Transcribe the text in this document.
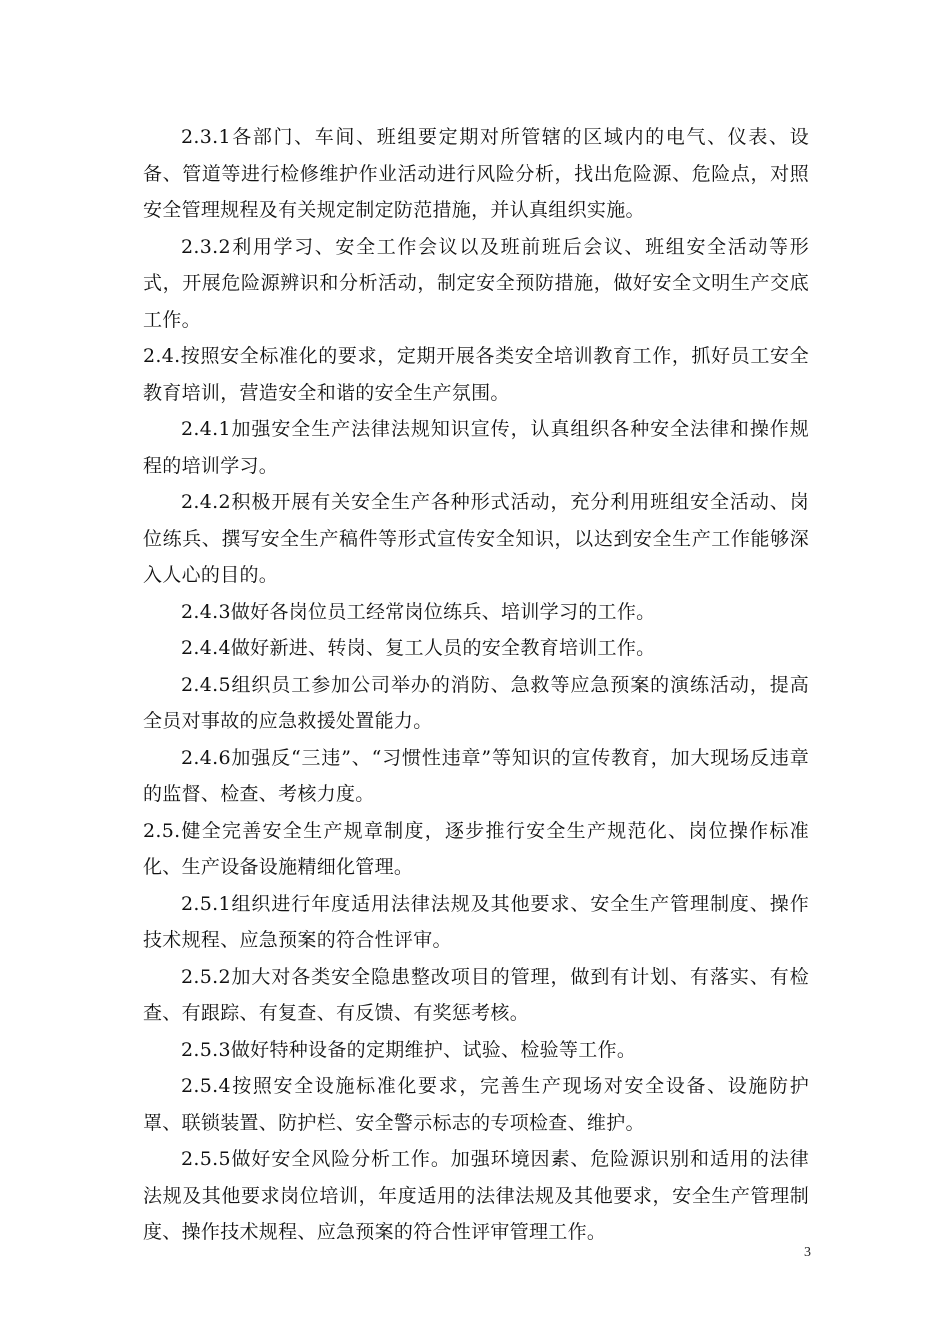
2.3.1各部门、车间、班组要定期对所管辖的区域内的电气、仪表、设备、管道等进行检修维护作业活动进行风险分析，找出危险源、危险点，对照安全管理规程及有关规定制定防范措施，并认真组织实施。

2.3.2利用学习、安全工作会议以及班前班后会议、班组安全活动等形式，开展危险源辨识和分析活动，制定安全预防措施，做好安全文明生产交底工作。

2.4.按照安全标准化的要求，定期开展各类安全培训教育工作，抓好员工安全教育培训，营造安全和谐的安全生产氛围。

2.4.1加强安全生产法律法规知识宣传，认真组织各种安全法律和操作规程的培训学习。

2.4.2积极开展有关安全生产各种形式活动，充分利用班组安全活动、岗位练兵、撰写安全生产稿件等形式宣传安全知识，以达到安全生产工作能够深入人心的目的。

2.4.3做好各岗位员工经常岗位练兵、培训学习的工作。

2.4.4做好新进、转岗、复工人员的安全教育培训工作。

2.4.5组织员工参加公司举办的消防、急救等应急预案的演练活动，提高全员对事故的应急救援处置能力。

2.4.6加强反“三违”、“习惯性违章”等知识的宣传教育，加大现场反违章的监督、检查、考核力度。

2.5.健全完善安全生产规章制度，逐步推行安全生产规范化、岗位操作标准化、生产设备设施精细化管理。

2.5.1组织进行年度适用法律法规及其他要求、安全生产管理制度、操作技术规程、应急预案的符合性评审。

2.5.2加大对各类安全隐患整改项目的管理，做到有计划、有落实、有检查、有跟踪、有复查、有反馈、有奖惩考核。

2.5.3做好特种设备的定期维护、试验、检验等工作。

2.5.4按照安全设施标准化要求，完善生产现场对安全设备、设施防护罩、联锁装置、防护栏、安全警示标志的专项检查、维护。

2.5.5做好安全风险分析工作。加强环境因素、危险源识别和适用的法律法规及其他要求岗位培训，年度适用的法律法规及其他要求，安全生产管理制度、操作技术规程、应急预案的符合性评审管理工作。

3
